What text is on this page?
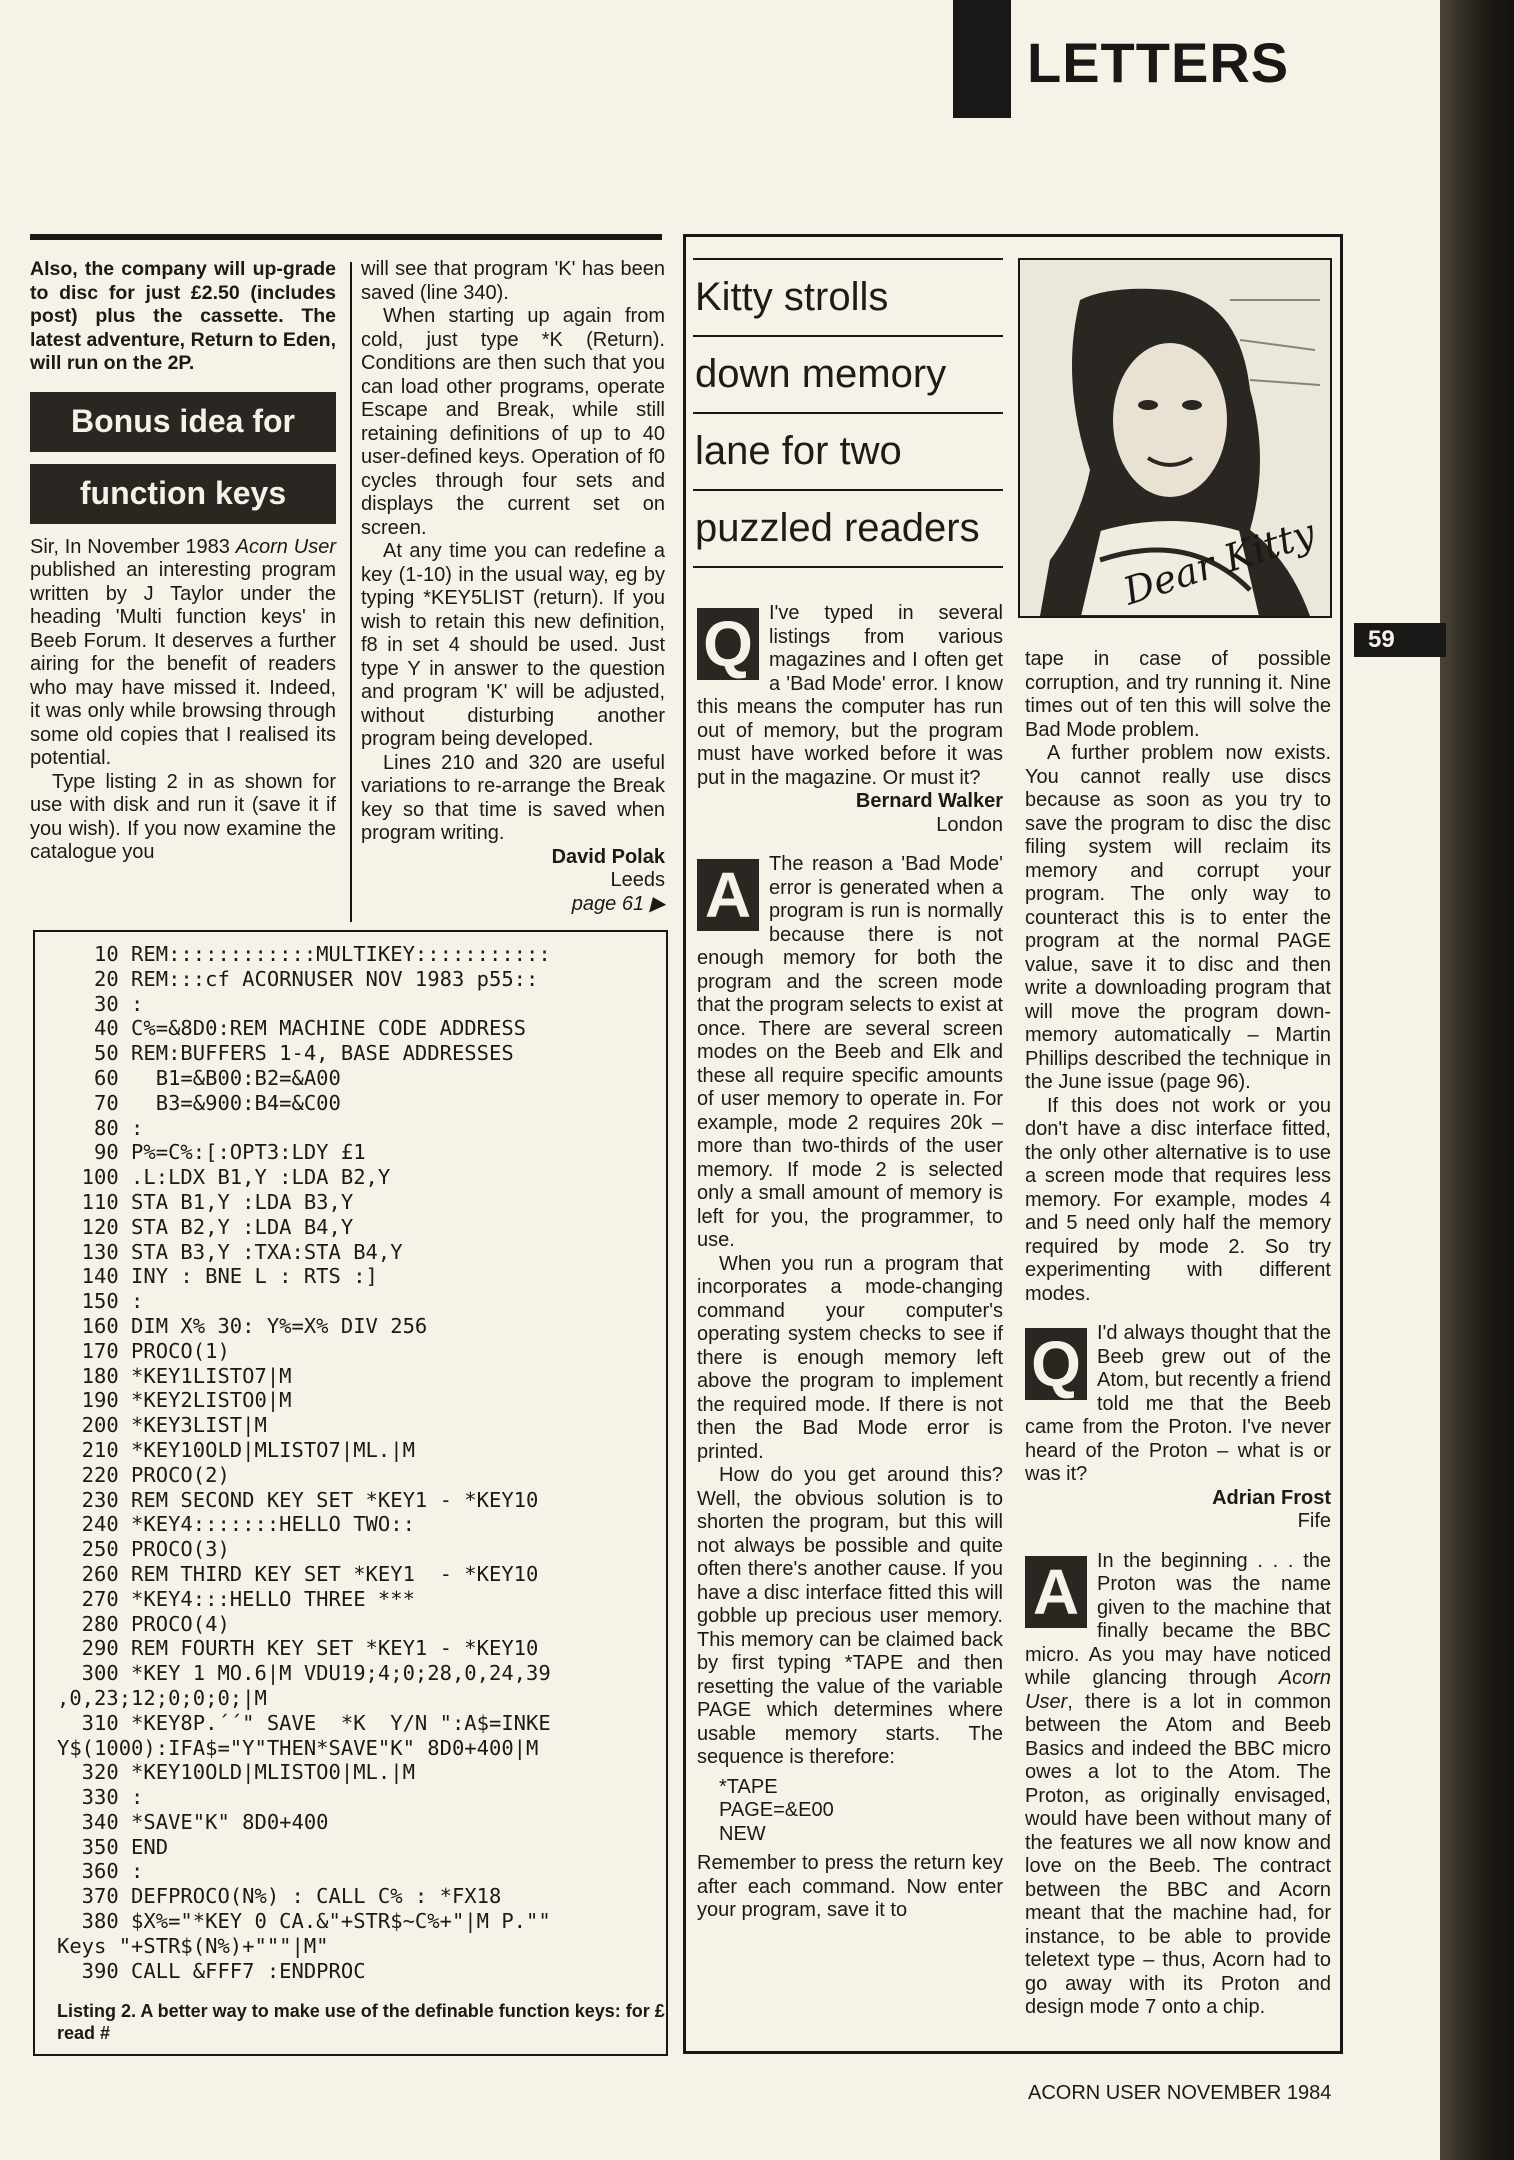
LETTERS
59

Also, the company will up-grade to disc for just £2.50 (includes post) plus the cassette. The latest adventure, Return to Eden, will run on the 2P.

Bonus idea for
function keys

Sir, In November 1983 Acorn User published an interesting program written by J Taylor under the heading 'Multi function keys' in Beeb Forum. It deserves a further airing for the benefit of readers who may have missed it. Indeed, it was only while browsing through some old copies that I realised its potential.

Type listing 2 in as shown for use with disk and run it (save it if you wish). If you now examine the catalogue you

will see that program 'K' has been saved (line 340).

When starting up again from cold, just type *K (Return). Conditions are then such that you can load other programs, operate Escape and Break, while still retaining definitions of up to 40 user-defined keys. Operation of f0 cycles through four sets and displays the current set on screen.

At any time you can redefine a key (1-10) in the usual way, eg by typing *KEY5LIST (return). If you wish to retain this new definition, f8 in set 4 should be used. Just type Y in answer to the question and program 'K' will be adjusted, without disturbing another program being developed.

Lines 210 and 320 are useful variations to re-arrange the Break key so that time is saved when program writing.

David Polak

Leeds

page 61 ▶

10 REM::::::::::::MULTIKEY:::::::::::
20 REM:::cf ACORNUSER NOV 1983 p55::
30 :
40 C%=&8D0:REM MACHINE CODE ADDRESS
50 REM:BUFFERS 1-4, BASE ADDRESSES
60   B1=&B00:B2=&A00
70   B3=&900:B4=&C00
80 :
90 P%=C%:[:OPT3:LDY £1
100 .L:LDX B1,Y :LDA B2,Y
110 STA B1,Y :LDA B3,Y
120 STA B2,Y :LDA B4,Y
130 STA B3,Y :TXA:STA B4,Y
140 INY : BNE L : RTS :]
150 :
160 DIM X% 30: Y%=X% DIV 256
170 PROCO(1)
180 *KEY1LISTO7|M
190 *KEY2LISTO0|M
200 *KEY3LIST|M
210 *KEY10OLD|MLISTO7|ML.|M
220 PROCO(2)
230 REM SECOND KEY SET *KEY1 - *KEY10
240 *KEY4:::::::HELLO TWO::
250 PROCO(3)
260 REM THIRD KEY SET *KEY1  - *KEY10
270 *KEY4:::HELLO THREE ***
280 PROCO(4)
290 REM FOURTH KEY SET *KEY1 - *KEY10
300 *KEY 1 MO.6|M VDU19;4;0;28,0,24,39
,0,23;12;0;0;0;|M
310 *KEY8P.´´" SAVE  *K  Y/N ":A$=INKE
Y$(1000):IFA$="Y"THEN*SAVE"K" 8D0+400|M
320 *KEY10OLD|MLISTO0|ML.|M
330 :
340 *SAVE"K" 8D0+400
350 END
360 :
370 DEFPROCO(N%) : CALL C% : *FX18
380 $X%="*KEY 0 CA.&"+STR$~C%+"|M P.""
Keys "+STR$(N%)+"""|M"
390 CALL &FFF7 :ENDPROC
Listing 2. A better way to make use of the definable function keys: for £ read #
Kitty strolls
down memory
lane for two
puzzled readers	Dear Kitty

Q I've typed in several listings from various magazines and I often get a 'Bad Mode' error. I know this means the computer has run out of memory, but the program must have worked before it was put in the magazine. Or must it?

Bernard Walker

London

A The reason a 'Bad Mode' error is generated when a program is run is normally because there is not enough memory for both the program and the screen mode that the program selects to exist at once. There are several screen modes on the Beeb and Elk and these all require specific amounts of user memory to operate in. For example, mode 2 requires 20k – more than two-thirds of the user memory. If mode 2 is selected only a small amount of memory is left for you, the programmer, to use.

When you run a program that incorporates a mode-changing command your computer's operating system checks to see if there is enough memory left above the program to implement the required mode. If there is not then the Bad Mode error is printed.

How do you get around this? Well, the obvious solution is to shorten the program, but this will not always be possible and quite often there's another cause. If you have a disc interface fitted this will gobble up precious user memory. This memory can be claimed back by first typing *TAPE and then resetting the value of the variable PAGE which determines where usable memory starts. The sequence is therefore:

*TAPE
PAGE=&E00
NEW

Remember to press the return key after each command. Now enter your program, save it to

tape in case of possible corruption, and try running it. Nine times out of ten this will solve the Bad Mode problem.

A further problem now exists. You cannot really use discs because as soon as you try to save the program to disc the disc filing system will reclaim its memory and corrupt your program. The only way to counteract this is to enter the program at the normal PAGE value, save it to disc and then write a downloading program that will move the program down-memory automatically – Martin Phillips described the technique in the June issue (page 96).

If this does not work or you don't have a disc interface fitted, the only other alternative is to use a screen mode that requires less memory. For example, modes 4 and 5 need only half the memory required by mode 2. So try experimenting with different modes.

Q I'd always thought that the Beeb grew out of the Atom, but recently a friend told me that the Beeb came from the Proton. I've never heard of the Proton – what is or was it?

Adrian Frost

Fife

A In the beginning . . . the Proton was the name given to the machine that finally became the BBC micro. As you may have noticed while glancing through Acorn User, there is a lot in common between the Atom and Beeb Basics and indeed the BBC micro owes a lot to the Atom. The Proton, as originally envisaged, would have been without many of the features we all now know and love on the Beeb. The contract between the BBC and Acorn meant that the machine had, for instance, to be able to provide teletext type – thus, Acorn had to go away with its Proton and design mode 7 onto a chip.

ACORN USER NOVEMBER 1984
